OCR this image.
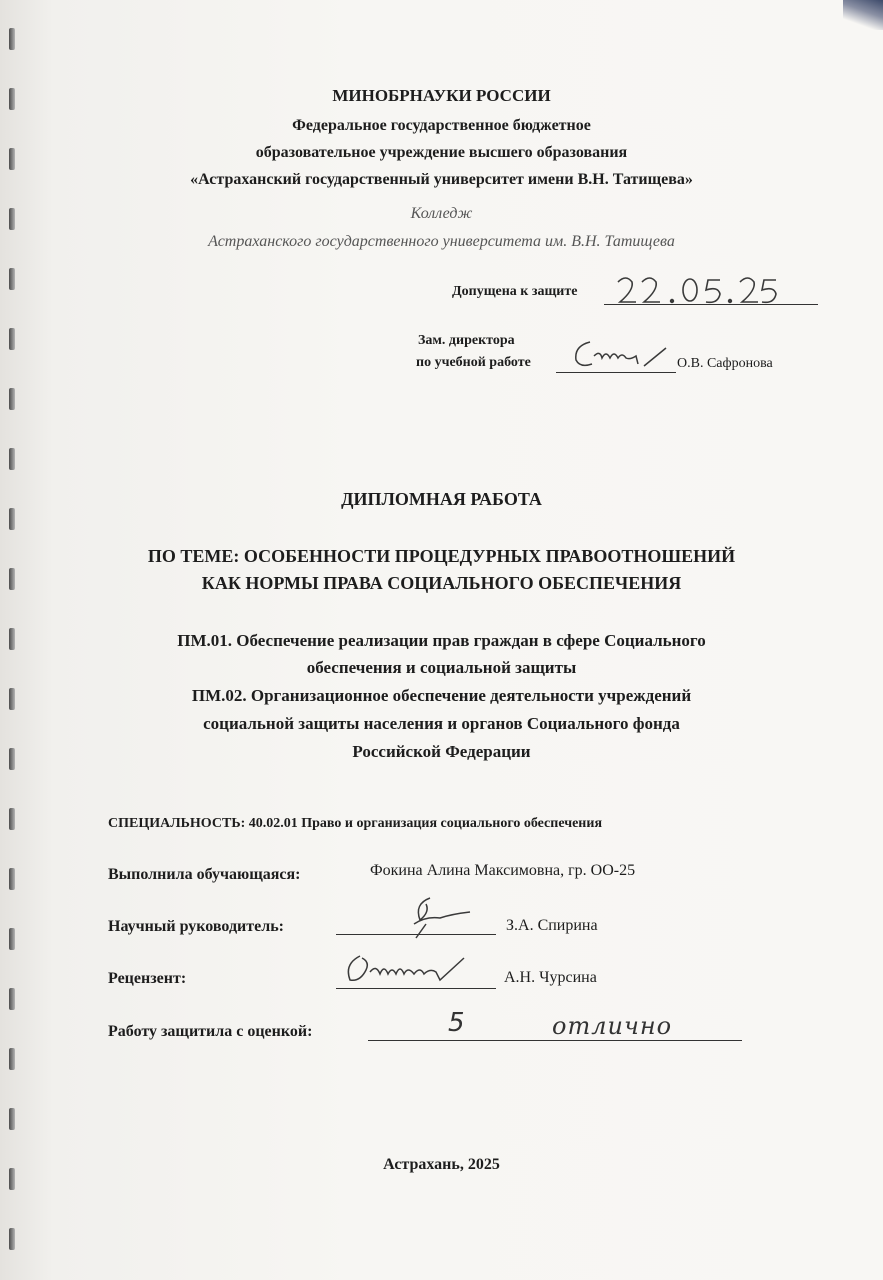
МИНОБРНАУКИ РОССИИ
Федеральное государственное бюджетное
образовательное учреждение высшего образования
«Астраханский государственный университет имени В.Н. Татищева»
Колледж
Астраханского государственного университета им. В.Н. Татищева
Допущена к защите
Зам. директора
по учебной работе	О.В. Сафронова
ДИПЛОМНАЯ РАБОТА
ПО ТЕМЕ: ОСОБЕННОСТИ ПРОЦЕДУРНЫХ ПРАВООТНОШЕНИЙ
КАК НОРМЫ ПРАВА СОЦИАЛЬНОГО ОБЕСПЕЧЕНИЯ
ПМ.01. Обеспечение реализации прав граждан в сфере Социального
обеспечения и социальной защиты
ПМ.02. Организационное обеспечение деятельности учреждений
социальной защиты населения и органов Социального фонда
Российской Федерации
СПЕЦИАЛЬНОСТЬ: 40.02.01 Право и организация социального обеспечения
Выполнила обучающаяся:	Фокина Алина Максимовна, гр. ОО-25
Научный руководитель:	З.А. Спирина
Рецензент:	А.Н. Чурсина
Работу защитила с оценкой:	5	отлично
Астрахань, 2025
